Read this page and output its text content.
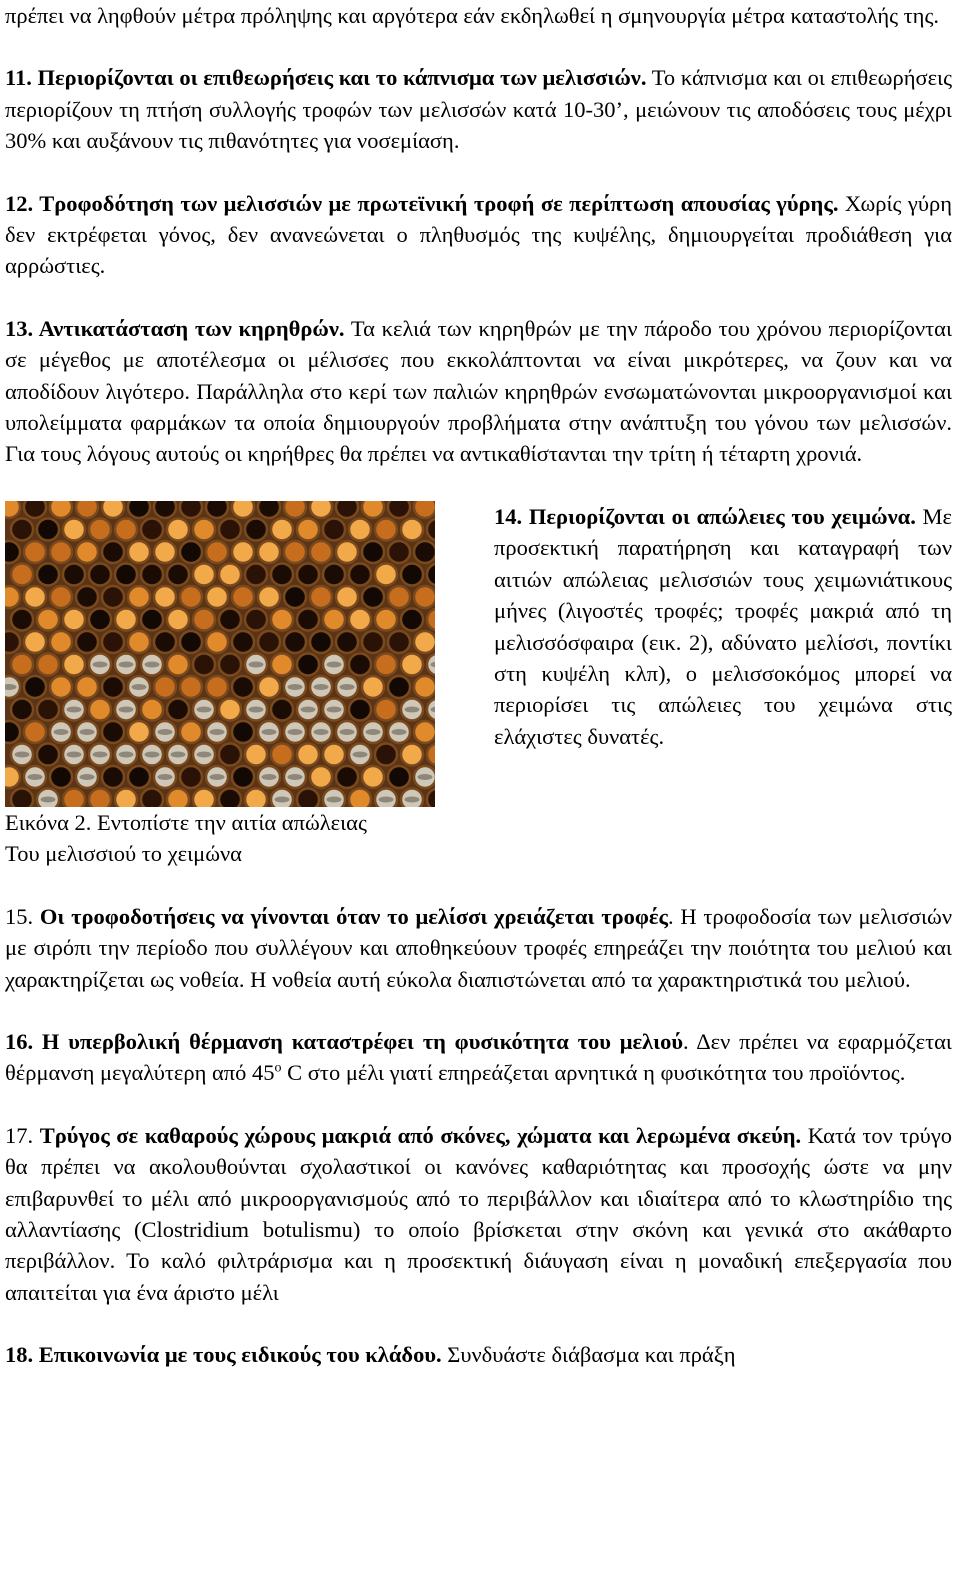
πρέπει να ληφθούν μέτρα πρόληψης και αργότερα εάν εκδηλωθεί η σμηνουργία μέτρα καταστολής της.

11. Περιορίζονται οι επιθεωρήσεις και το κάπνισμα των μελισσιών. Το κάπνισμα και οι επιθεωρήσεις περιορίζουν τη πτήση συλλογής τροφών των μελισσών κατά 10-30’, μειώνουν τις αποδόσεις τους μέχρι 30% και αυξάνουν τις πιθανότητες για νοσεμίαση.

12. Τροφοδότηση των μελισσιών με πρωτεϊνική τροφή σε περίπτωση απουσίας γύρης. Χωρίς γύρη δεν εκτρέφεται γόνος, δεν ανανεώνεται ο πληθυσμός της κυψέλης, δημιουργείται προδιάθεση για αρρώστιες.

13. Αντικατάσταση των κηρηθρών. Τα κελιά των κηρηθρών με την πάροδο του χρόνου περιορίζονται σε μέγεθος με αποτέλεσμα οι μέλισσες που εκκολάπτονται να είναι μικρότερες, να ζουν και να αποδίδουν λιγότερο. Παράλληλα στο κερί των παλιών κηρηθρών ενσωματώνονται μικροοργανισμοί και υπολείμματα φαρμάκων τα οποία δημιουργούν προβλήματα στην ανάπτυξη του γόνου των μελισσών. Για τους λόγους αυτούς οι κηρήθρες θα πρέπει να αντικαθίστανται την τρίτη ή τέταρτη χρονιά.

Εικόνα 2. Εντοπίστε την αιτία απώλειας
Του μελισσιού το χειμώνα

14. Περιορίζονται οι απώλειες του χειμώνα. Με προσεκτική παρατήρηση και καταγραφή των αιτιών απώλειας μελισσιών τους χειμωνιάτικους μήνες (λιγοστές τροφές; τροφές μακριά από τη μελισσόσφαιρα (εικ. 2), αδύνατο μελίσσι, ποντίκι στη κυψέλη κλπ), ο μελισσοκόμος μπορεί να περιορίσει τις απώλειες του χειμώνα στις ελάχιστες δυνατές.

15. Οι τροφοδοτήσεις να γίνονται όταν το μελίσσι χρειάζεται τροφές. Η τροφοδοσία των μελισσιών με σιρόπι την περίοδο που συλλέγουν και αποθηκεύουν τροφές επηρεάζει την ποιότητα του μελιού και χαρακτηρίζεται ως νοθεία. Η νοθεία αυτή εύκολα διαπιστώνεται από τα χαρακτηριστικά του μελιού.

16. Η υπερβολική θέρμανση καταστρέφει τη φυσικότητα του μελιού. Δεν πρέπει να εφαρμόζεται θέρμανση μεγαλύτερη από $45^o$ C στο μέλι γιατί επηρεάζεται αρνητικά η φυσικότητα του προϊόντος.

17. Τρύγος σε καθαρούς χώρους μακριά από σκόνες, χώματα και λερωμένα σκεύη. Κατά τον τρύγο θα πρέπει να ακολουθούνται σχολαστικοί οι κανόνες καθαριότητας και προσοχής ώστε να μην επιβαρυνθεί το μέλι από μικροοργανισμούς από το περιβάλλον και ιδιαίτερα από το κλωστηρίδιο της αλλαντίασης (Clostridium botulismu) το οποίο βρίσκεται στην σκόνη και γενικά στο ακάθαρτο περιβάλλον. Το καλό φιλτράρισμα και η προσεκτική διάυγαση είναι η μοναδική επεξεργασία που απαιτείται για ένα άριστο μέλι

18. Επικοινωνία με τους ειδικούς του κλάδου. Συνδυάστε διάβασμα και πράξη
